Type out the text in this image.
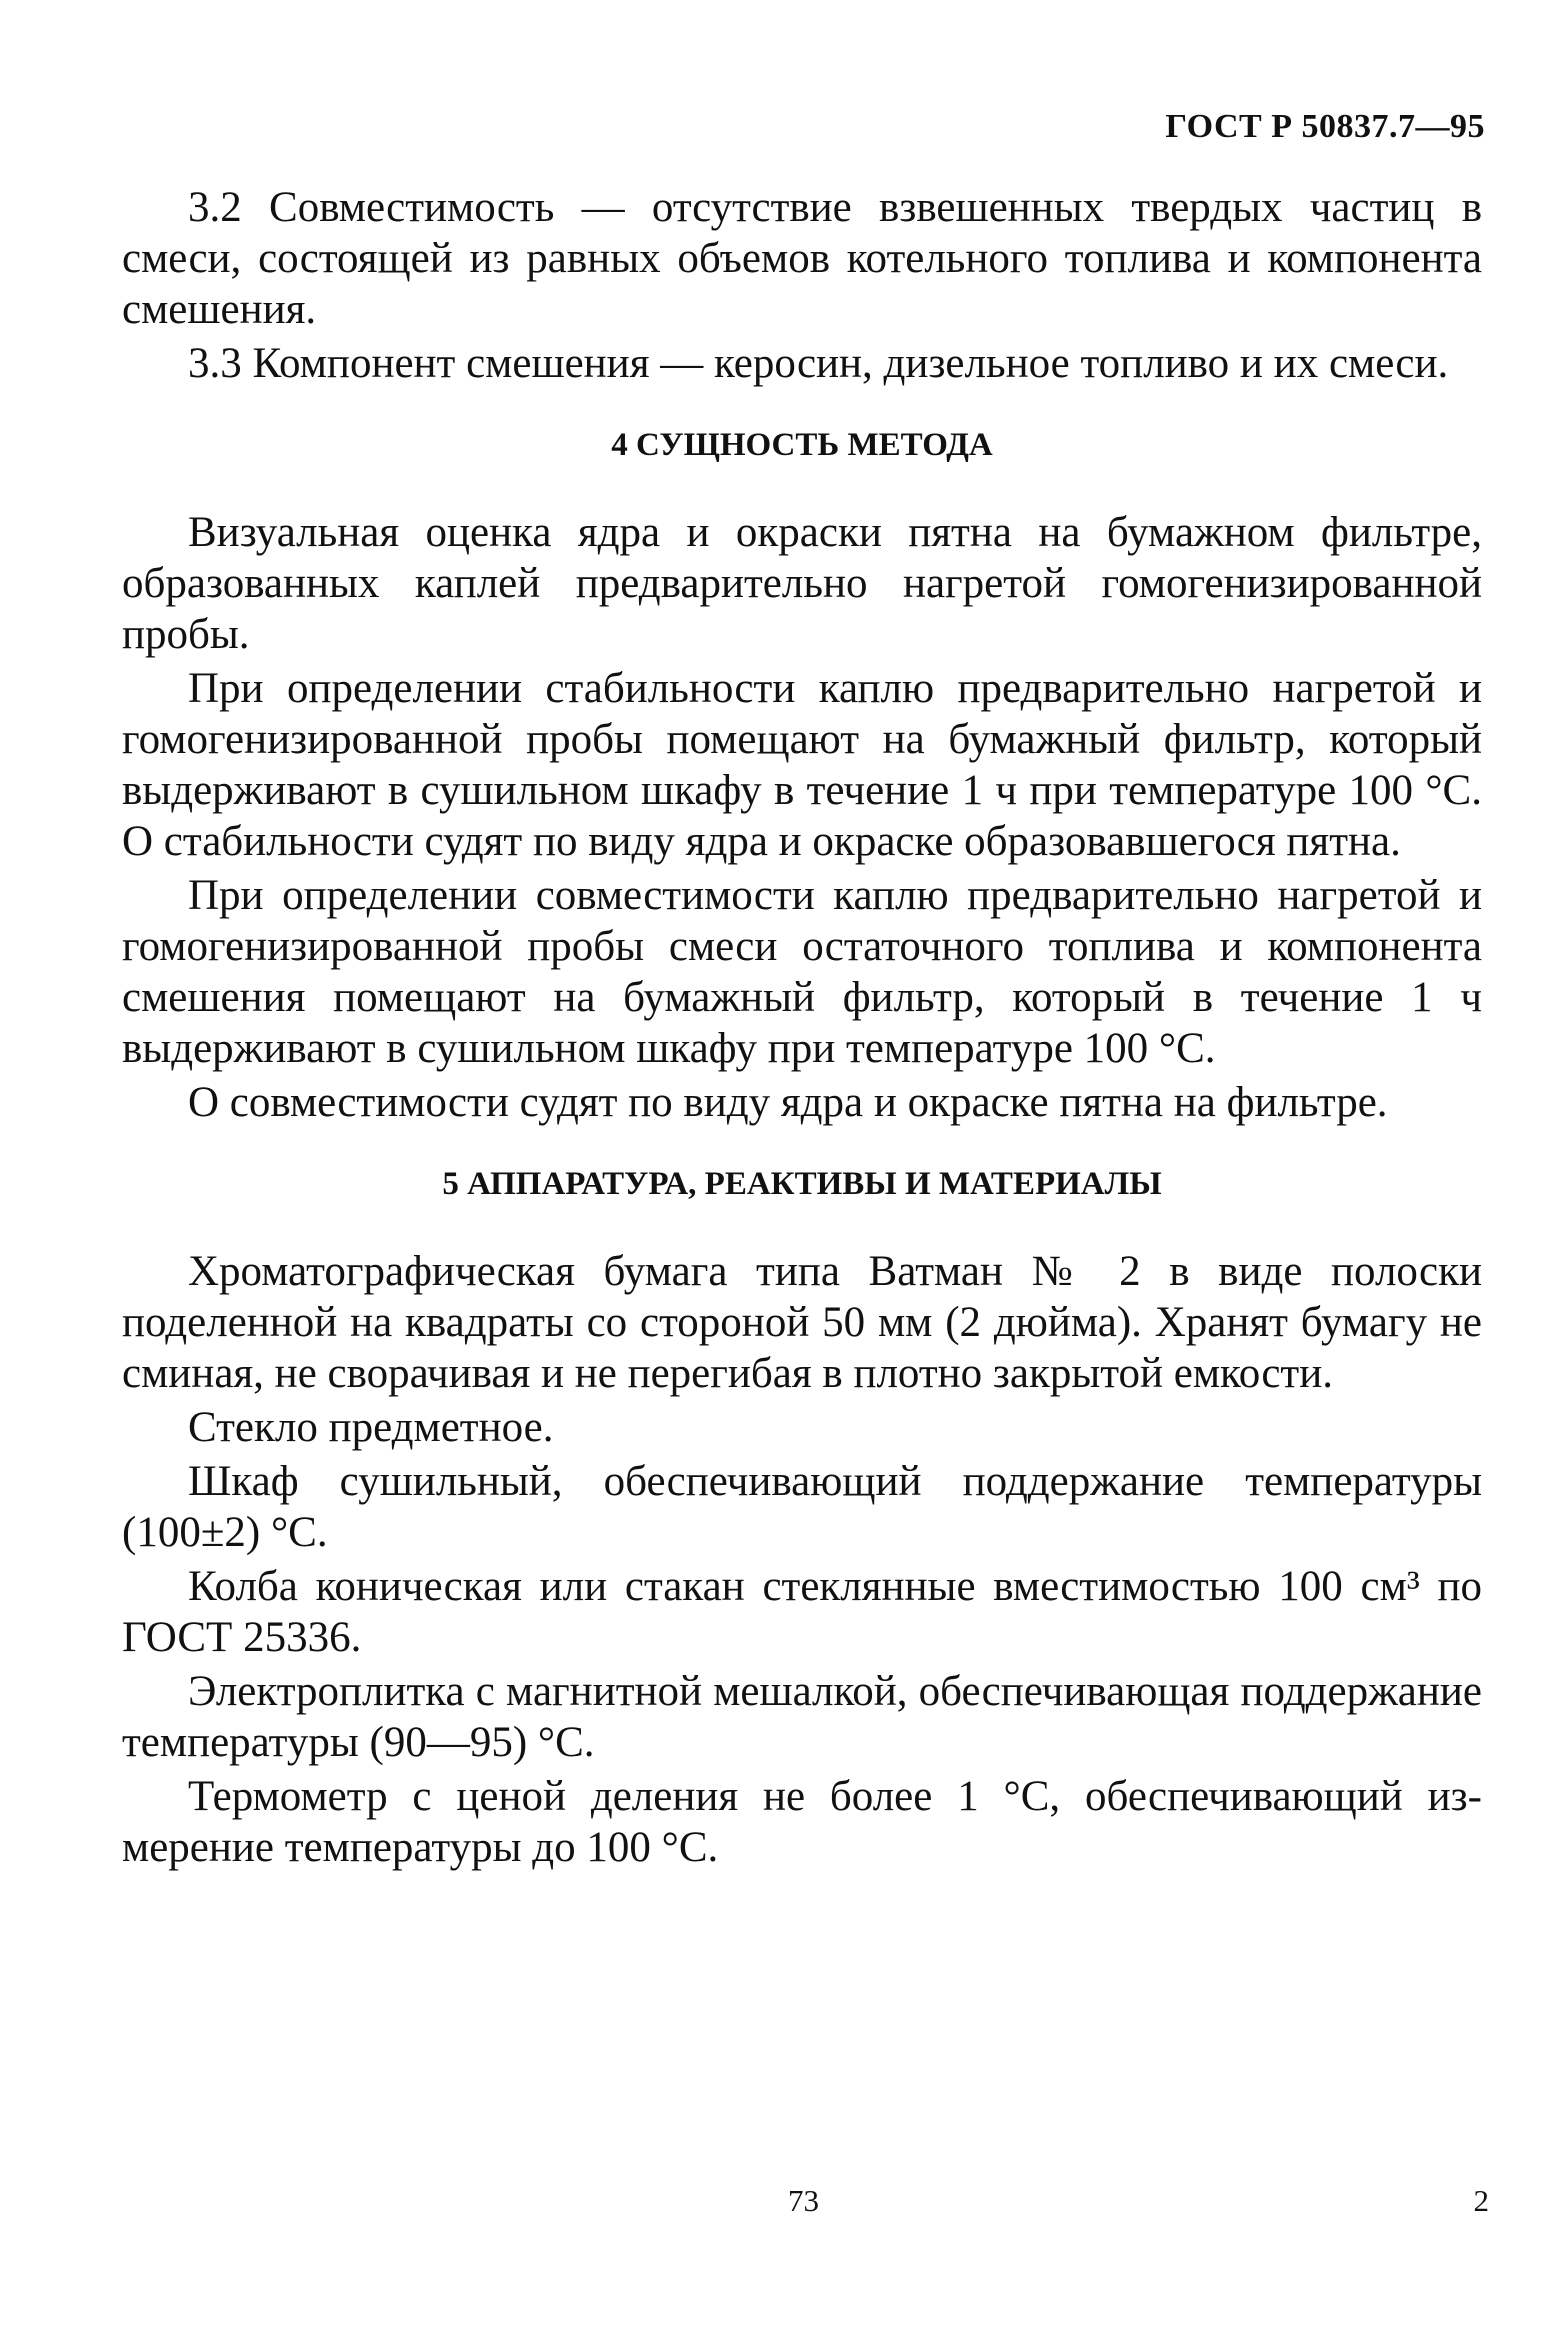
ГОСТ Р 50837.7—95

3.2 Совместимость — отсутствие взвешенных твердых частиц в смеси, состоящей из равных объемов котельного топлива и компонента смешения.

3.3 Компонент смешения — керосин, дизельное топливо и их смеси.

4 СУЩНОСТЬ МЕТОДА

Визуальная оценка ядра и окраски пятна на бумажном фильтре, образованных каплей предварительно нагретой гомогенизированной пробы.

При определении стабильности каплю предварительно нагретой и гомогенизированной пробы помещают на бумажный фильтр, который выдерживают в сушильном шкафу в течение 1 ч при температуре 100 °С. О стабильности судят по виду ядра и окраске образовавшегося пятна.

При определении совместимости каплю предварительно нагретой и гомогенизированной пробы смеси остаточного топлива и компонента смешения помещают на бумажный фильтр, который в течение 1 ч выдерживают в сушильном шкафу при температуре 100 °С.

О совместимости судят по виду ядра и окраске пятна на фильтре.

5 АППАРАТУРА, РЕАКТИВЫ И МАТЕРИАЛЫ

Хроматографическая бумага типа Ватман № 2 в виде полоски поделенной на квадраты со стороной 50 мм (2 дюйма). Хранят бумагу не сминая, не сворачивая и не перегибая в плотно закрытой емкости.

Стекло предметное.

Шкаф сушильный, обеспечивающий поддержание температуры (100±2) °С.

Колба коническая или стакан стеклянные вместимостью 100 см³ по ГОСТ 25336.

Электроплитка с магнитной мешалкой, обеспечивающая поддержание температуры (90—95) °С.

Термометр с ценой деления не более 1 °С, обеспечивающий измерение температуры до 100 °С.

73	2
